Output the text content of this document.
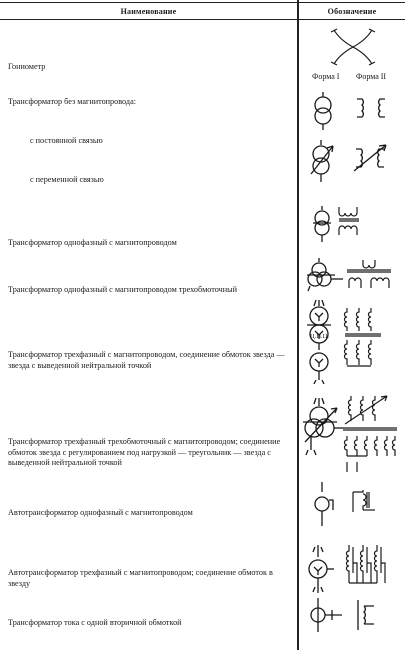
Наименование	Обозначение
Гониометр
Трансформатор без магнитопровода:
с постоянной связью
с переменной связью
Трансформатор однофазный с магнитопроводом
Трансформатор однофазный с магнитопроводом трехобмоточный
Трансформатор трехфазный с магнитопроводом, соединение обмоток звезда — звезда с выведенной нейтральной точкой
Трансформатор трехфазный трехобмоточный с магнитопроводом; соединение обмоток звезда с регулированием под нагрузкой — треугольник — звезда с выведенной нейтральной точкой
Автотрансформатор однофазный с магнитопроводом
Автотрансформатор трехфазный с магнитопроводом; соединение обмоток в звезду
Трансформатор тока с одной вторичной обмоткой
Форма I Форма II
Ц.Н.Ц.
